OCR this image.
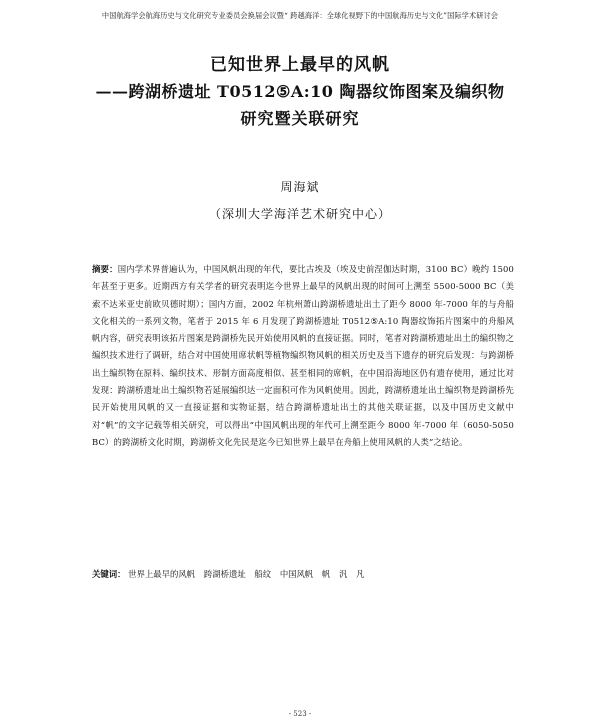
中国航海学会航海历史与文化研究专业委员会换届会议暨“ 跨越海洋：全球化视野下的中国航海历史与文化”国际学术研讨会

已知世界上最早的风帆

——跨湖桥遗址 T0512⑤A:10 陶器纹饰图案及编织物

研究暨关联研究

周海斌
（深圳大学海洋艺术研究中心）
摘要：国内学术界普遍认为，中国风帆出现的年代，要比古埃及（埃及史前涅伽达时期，3100 BC）晚约 1500 年甚至于更多。近期西方有关学者的研究表明迄今世界上最早的风帆出现的时间可上溯至 5500-5000 BC（美索不达米亚史前欧贝德时期）；国内方面，2002 年杭州萧山跨湖桥遗址出土了距今 8000 年-7000 年的与舟船文化相关的一系列文物，笔者于 2015 年 6 月发现了跨湖桥遗址 T0512⑤A:10 陶器纹饰拓片图案中的舟船风帆内容，研究表明该拓片图案是跨湖桥先民开始使用风帆的直接证据。同时，笔者对跨湖桥遗址出土的编织物之编织技术进行了调研，结合对中国使用席状帆等植物编织物风帆的相关历史及当下遗存的研究后发现：与跨湖桥出土编织物在原料、编织技术、形制方面高度相似、甚至相同的席帆，在中国沿海地区仍有遗存使用，通过比对发现：跨湖桥遗址出土编织物若延展编织达一定面积可作为风帆使用。因此，跨湖桥遗址出土编织物是跨湖桥先民开始使用风帆的又一直接证据和实物证据，结合跨湖桥遗址出土的其他关联证据，以及中国历史文献中对“帆”的文字记载等相关研究，可以得出“中国风帆出现的年代可上溯至距今 8000 年-7000 年（6050-5050 BC）的跨湖桥文化时期，跨湖桥文化先民是迄今已知世界上最早在舟船上使用风帆的人类”之结论。
关键词： 世界上最早的风帆 跨湖桥遗址 船纹 中国风帆 帆 汎 凡
- 523 -
